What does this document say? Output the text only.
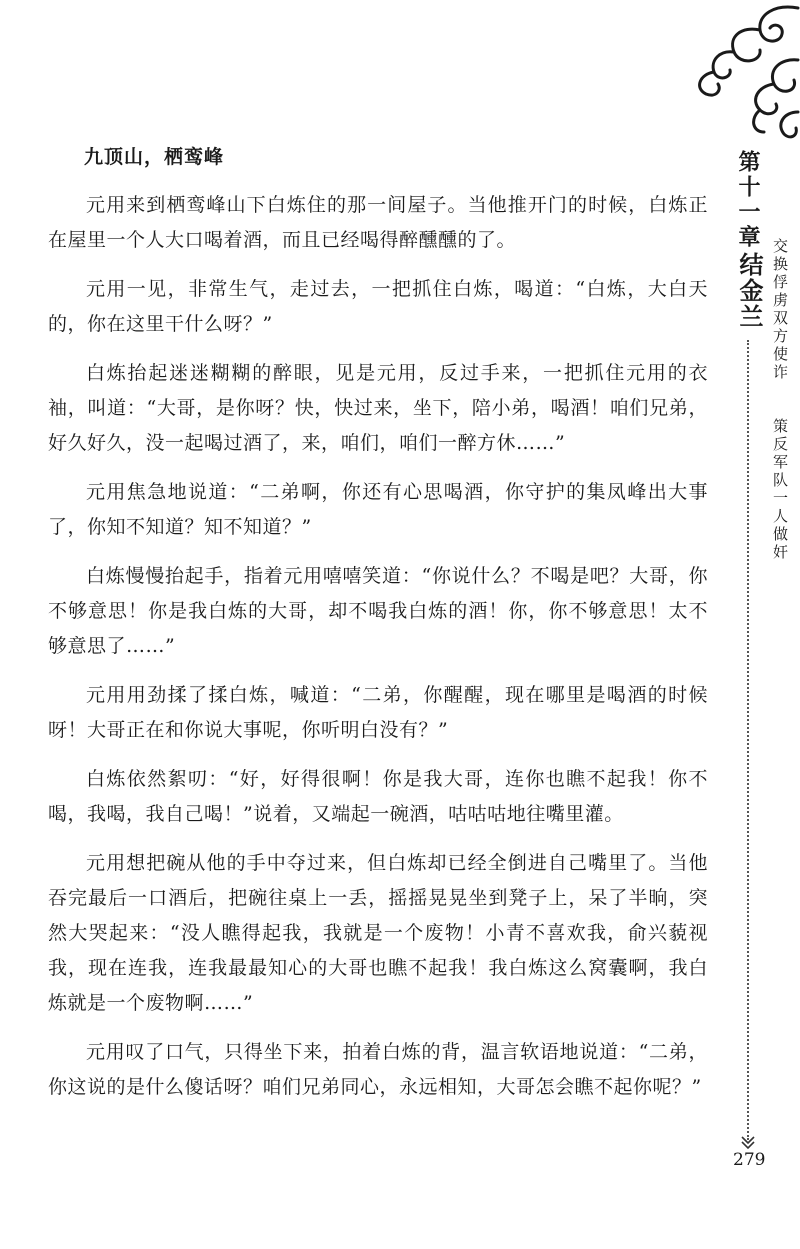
九顶山，栖鸾峰

元用来到栖鸾峰山下白炼住的那一间屋子。当他推开门的时候，白炼正在屋里一个人大口喝着酒，而且已经喝得醉醺醺的了。

元用一见，非常生气，走过去，一把抓住白炼，喝道：“白炼，大白天的，你在这里干什么呀？”

白炼抬起迷迷糊糊的醉眼，见是元用，反过手来，一把抓住元用的衣袖，叫道：“大哥，是你呀？快，快过来，坐下，陪小弟，喝酒！咱们兄弟，好久好久，没一起喝过酒了，来，咱们，咱们一醉方休……”

元用焦急地说道：“二弟啊，你还有心思喝酒，你守护的集凤峰出大事了，你知不知道？知不知道？”

白炼慢慢抬起手，指着元用嘻嘻笑道：“你说什么？不喝是吧？大哥，你不够意思！你是我白炼的大哥，却不喝我白炼的酒！你，你不够意思！太不够意思了……”

元用用劲揉了揉白炼，喊道：“二弟，你醒醒，现在哪里是喝酒的时候呀！大哥正在和你说大事呢，你听明白没有？”

白炼依然絮叨：“好，好得很啊！你是我大哥，连你也瞧不起我！你不喝，我喝，我自己喝！”说着，又端起一碗酒，咕咕咕地往嘴里灌。

元用想把碗从他的手中夺过来，但白炼却已经全倒进自己嘴里了。当他吞完最后一口酒后，把碗往桌上一丢，摇摇晃晃坐到凳子上，呆了半晌，突然大哭起来：“没人瞧得起我，我就是一个废物！小青不喜欢我，俞兴藐视我，现在连我，连我最最知心的大哥也瞧不起我！我白炼这么窝囊啊，我白炼就是一个废物啊……”

元用叹了口气，只得坐下来，拍着白炼的背，温言软语地说道：“二弟，你这说的是什么傻话呀？咱们兄弟同心，永远相知，大哥怎会瞧不起你呢？”

第十一章
结金兰 交换俘虏双方使诈
策反军队一人做奸
279
